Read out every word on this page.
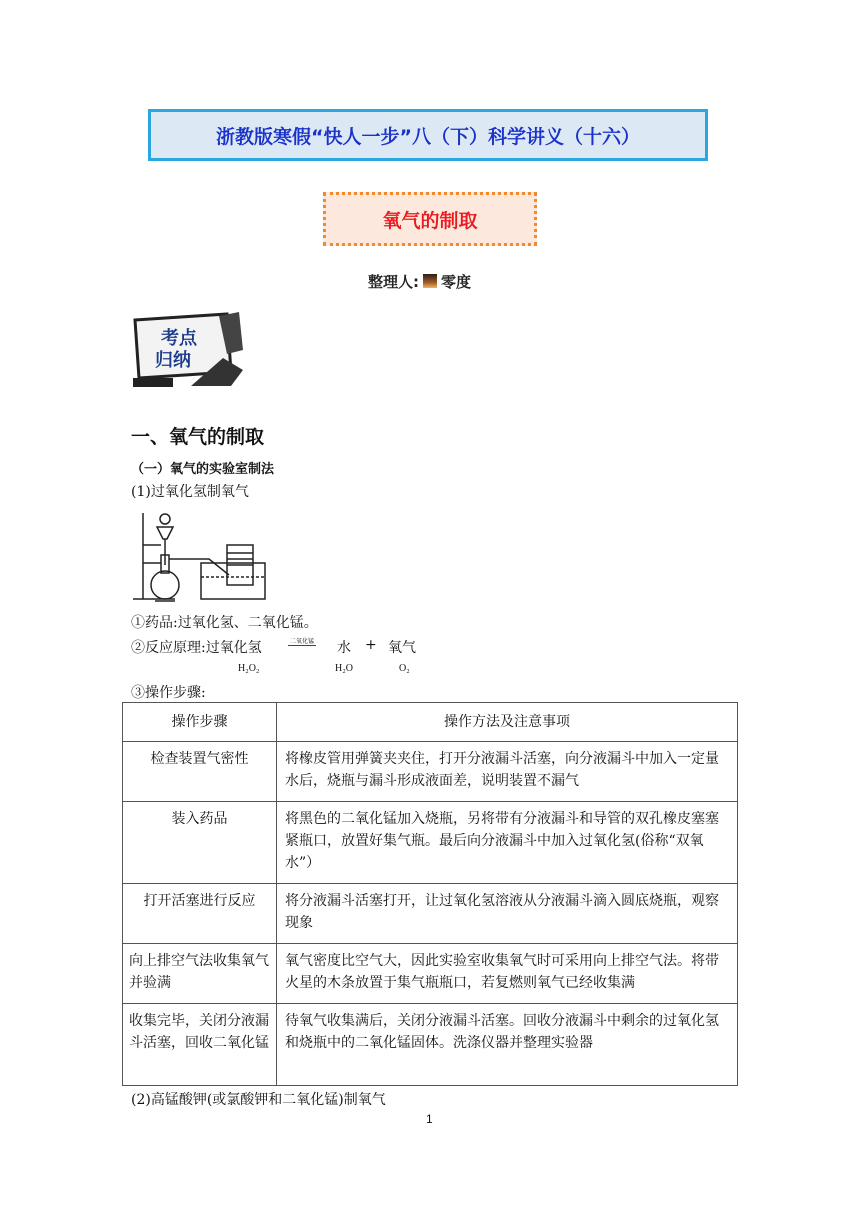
浙教版寒假“快人一步”八（下）科学讲义（十六）
氧气的制取
整理人: 零度
考点
归纳
一、氧气的制取
（一）氧气的实验室制法
(1)过氧化氢制氧气
①药品:过氧化氢、二氧化锰。
②反应原理:过氧化氢	二氧化锰 水 + 氧气
H₂O₂	H₂O	O₂
③操作步骤:
操作步骤	操作方法及注意事项
检查装置气密性	将橡皮管用弹簧夹夹住，打开分液漏斗活塞，向分液漏斗中加入一定量水后，烧瓶与漏斗形成液面差，说明装置不漏气
装入药品	将黑色的二氧化锰加入烧瓶，另将带有分液漏斗和导管的双孔橡皮塞塞紧瓶口，放置好集气瓶。最后向分液漏斗中加入过氧化氢(俗称“双氧水”）
打开活塞进行反应	将分液漏斗活塞打开，让过氧化氢溶液从分液漏斗滴入圆底烧瓶，观察现象
向上排空气法收集氧气并验满	氧气密度比空气大，因此实验室收集氧气时可采用向上排空气法。将带火星的木条放置于集气瓶瓶口，若复燃则氧气已经收集满
收集完毕，关闭分液漏斗活塞，回收二氧化锰	待氧气收集满后，关闭分液漏斗活塞。回收分液漏斗中剩余的过氧化氢和烧瓶中的二氧化锰固体。洗涤仪器并整理实验器
(2)高锰酸钾(或氯酸钾和二氧化锰)制氧气
1
